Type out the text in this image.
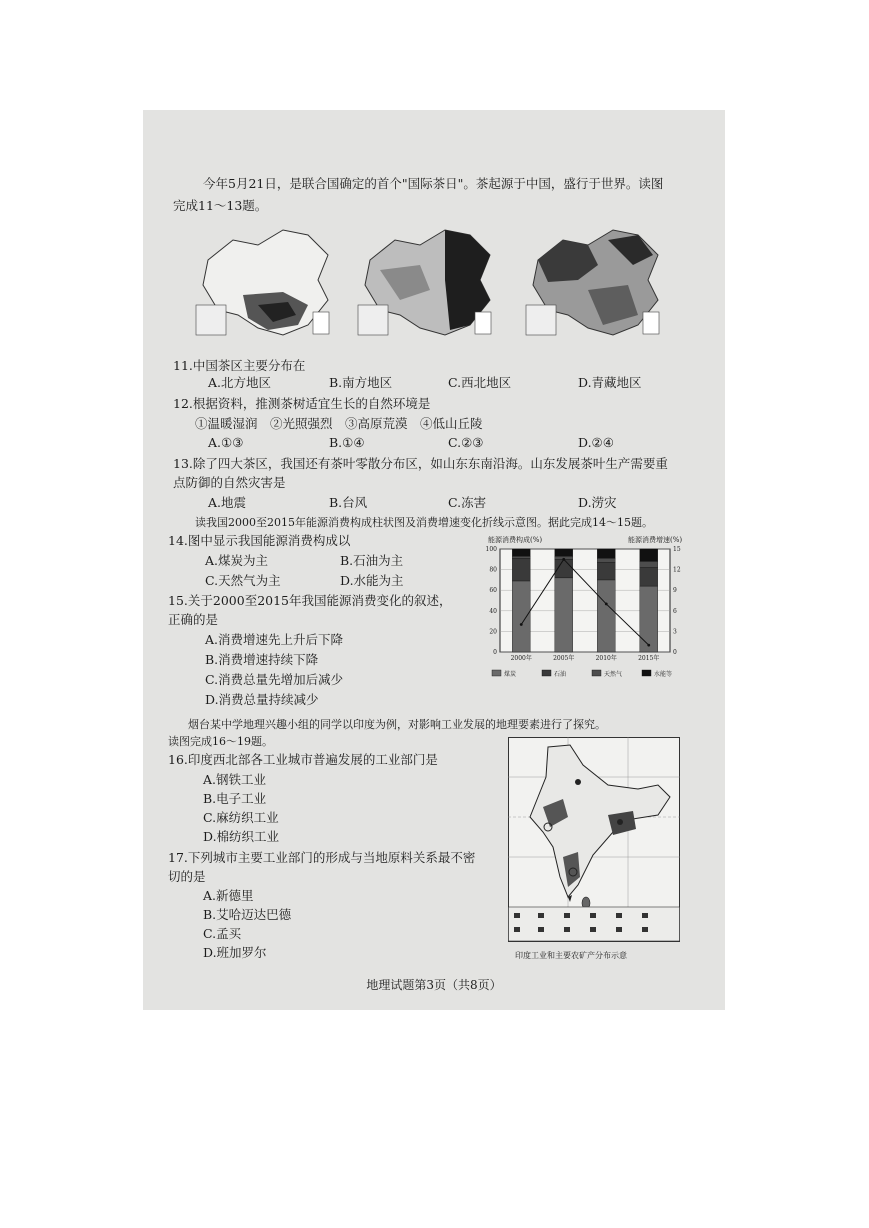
今年5月21日，是联合国确定的首个"国际茶日"。茶起源于中国，盛行于世界。读图
完成11～13题。
11.中国茶区主要分布在
A.北方地区	B.南方地区	C.西北地区	D.青藏地区
12.根据资料，推测茶树适宜生长的自然环境是
①温暖湿润　②光照强烈　③高原荒漠　④低山丘陵
A.①③	B.①④	C.②③	D.②④
13.除了四大茶区，我国还有茶叶零散分布区，如山东东南沿海。山东发展茶叶生产需要重
点防御的自然灾害是
A.地震	B.台风	C.冻害	D.涝灾
读我国2000至2015年能源消费构成柱状图及消费增速变化折线示意图。据此完成14～15题。
14.图中显示我国能源消费构成以
A.煤炭为主	B.石油为主
C.天然气为主	D.水能为主
15.关于2000至2015年我国能源消费变化的叙述，
正确的是
A.消费增速先上升后下降
B.消费增速持续下降
C.消费总量先增加后减少
D.消费总量持续减少
能源消费构成(%)	能源消费增速(%)
0
20
40
60
80
100
0
3
6
9
12
15
2000年	2005年	2010年	2015年
煤炭	石油	天然气	水能等
烟台某中学地理兴趣小组的同学以印度为例，对影响工业发展的地理要素进行了探究。
读图完成16～19题。
16.印度西北部各工业城市普遍发展的工业部门是
A.钢铁工业
B.电子工业
C.麻纺织工业
D.棉纺织工业
17.下列城市主要工业部门的形成与当地原料关系最不密
切的是
A.新德里
B.艾哈迈达巴德
C.孟买
D.班加罗尔	印度工业和主要农矿产分布示意
地理试题第3页（共8页）
